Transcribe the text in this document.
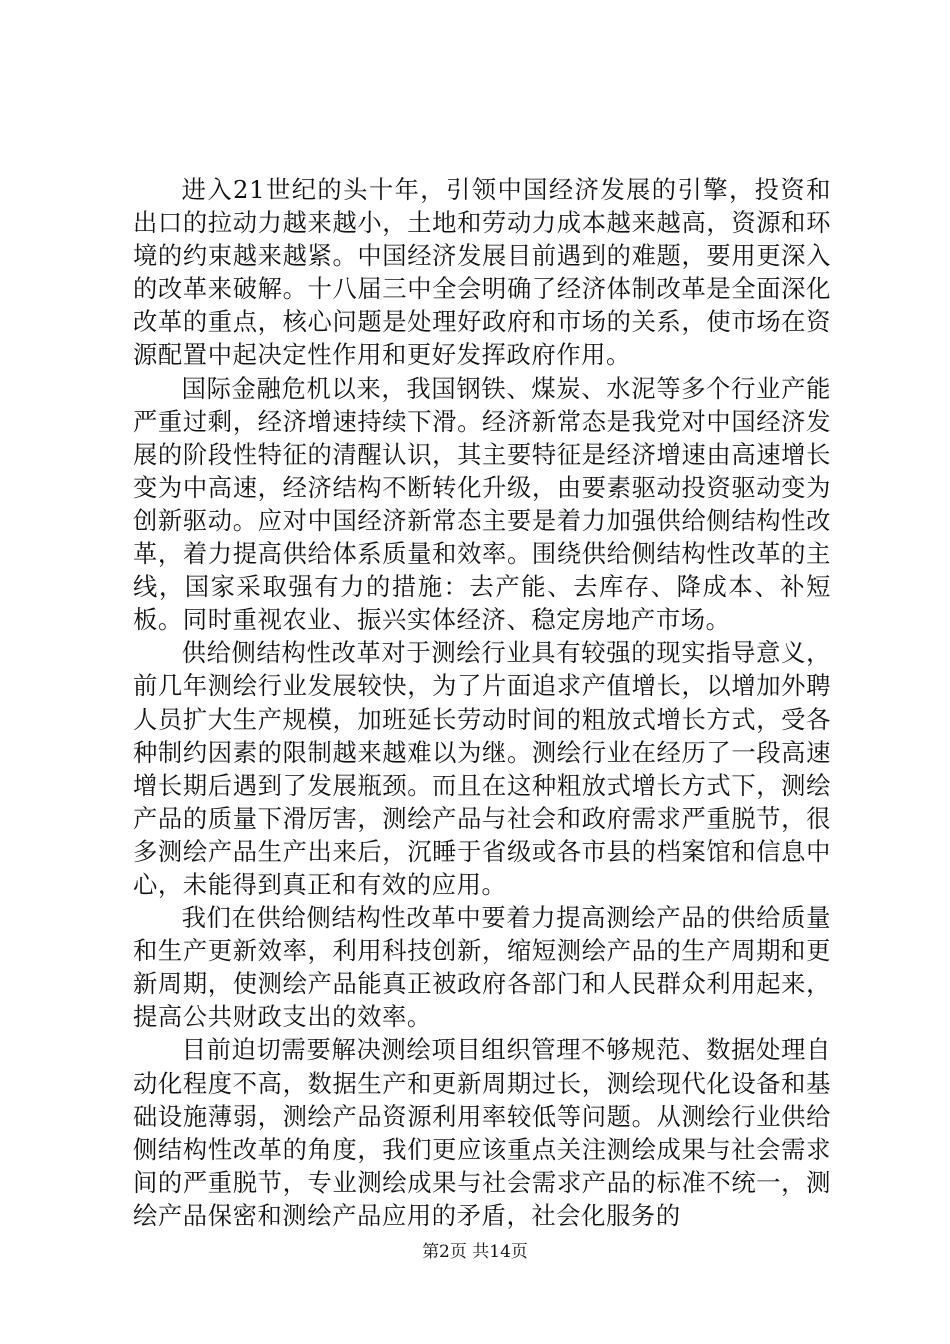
进入21世纪的头十年，引领中国经济发展的引擎，投资和出口的拉动力越来越小，土地和劳动力成本越来越高，资源和环境的约束越来越紧。中国经济发展目前遇到的难题，要用更深入的改革来破解。十八届三中全会明确了经济体制改革是全面深化改革的重点，核心问题是处理好政府和市场的关系，使市场在资源配置中起决定性作用和更好发挥政府作用。

国际金融危机以来，我国钢铁、煤炭、水泥等多个行业产能严重过剩，经济增速持续下滑。经济新常态是我党对中国经济发展的阶段性特征的清醒认识，其主要特征是经济增速由高速增长变为中高速，经济结构不断转化升级，由要素驱动投资驱动变为创新驱动。应对中国经济新常态主要是着力加强供给侧结构性改革，着力提高供给体系质量和效率。围绕供给侧结构性改革的主线，国家采取强有力的措施：去产能、去库存、降成本、补短板。同时重视农业、振兴实体经济、稳定房地产市场。

供给侧结构性改革对于测绘行业具有较强的现实指导意义，前几年测绘行业发展较快，为了片面追求产值增长，以增加外聘人员扩大生产规模，加班延长劳动时间的粗放式增长方式，受各种制约因素的限制越来越难以为继。测绘行业在经历了一段高速增长期后遇到了发展瓶颈。而且在这种粗放式增长方式下，测绘产品的质量下滑厉害，测绘产品与社会和政府需求严重脱节，很多测绘产品生产出来后，沉睡于省级或各市县的档案馆和信息中心，未能得到真正和有效的应用。

我们在供给侧结构性改革中要着力提高测绘产品的供给质量和生产更新效率，利用科技创新，缩短测绘产品的生产周期和更新周期，使测绘产品能真正被政府各部门和人民群众利用起来，提高公共财政支出的效率。

目前迫切需要解决测绘项目组织管理不够规范、数据处理自动化程度不高，数据生产和更新周期过长，测绘现代化设备和基础设施薄弱，测绘产品资源利用率较低等问题。从测绘行业供给侧结构性改革的角度，我们更应该重点关注测绘成果与社会需求间的严重脱节，专业测绘成果与社会需求产品的标准不统一，测绘产品保密和测绘产品应用的矛盾，社会化服务的

第2页 共14页
